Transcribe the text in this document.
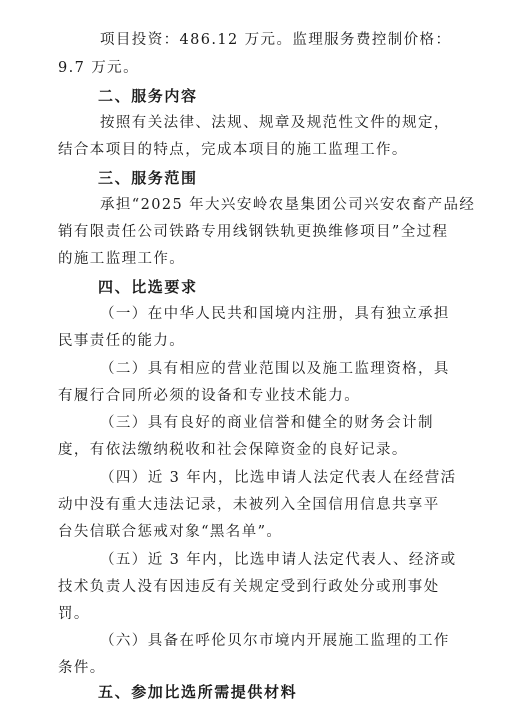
项目投资：486.12 万元。监理服务费控制价格：
9.7 万元。
二、服务内容
按照有关法律、法规、规章及规范性文件的规定，
结合本项目的特点，完成本项目的施工监理工作。
三、服务范围
承担“2025 年大兴安岭农垦集团公司兴安农畜产品经
销有限责任公司铁路专用线钢铁轨更换维修项目”全过程
的施工监理工作。
四、比选要求
（一）在中华人民共和国境内注册，具有独立承担
民事责任的能力。
（二）具有相应的营业范围以及施工监理资格，具
有履行合同所必须的设备和专业技术能力。
（三）具有良好的商业信誉和健全的财务会计制
度，有依法缴纳税收和社会保障资金的良好记录。
（四）近 3 年内，比选申请人法定代表人在经营活
动中没有重大违法记录，未被列入全国信用信息共享平
台失信联合惩戒对象“黑名单”。
（五）近 3 年内，比选申请人法定代表人、经济或
技术负责人没有因违反有关规定受到行政处分或刑事处
罚。
（六）具备在呼伦贝尔市境内开展施工监理的工作
条件。
五、参加比选所需提供材料
